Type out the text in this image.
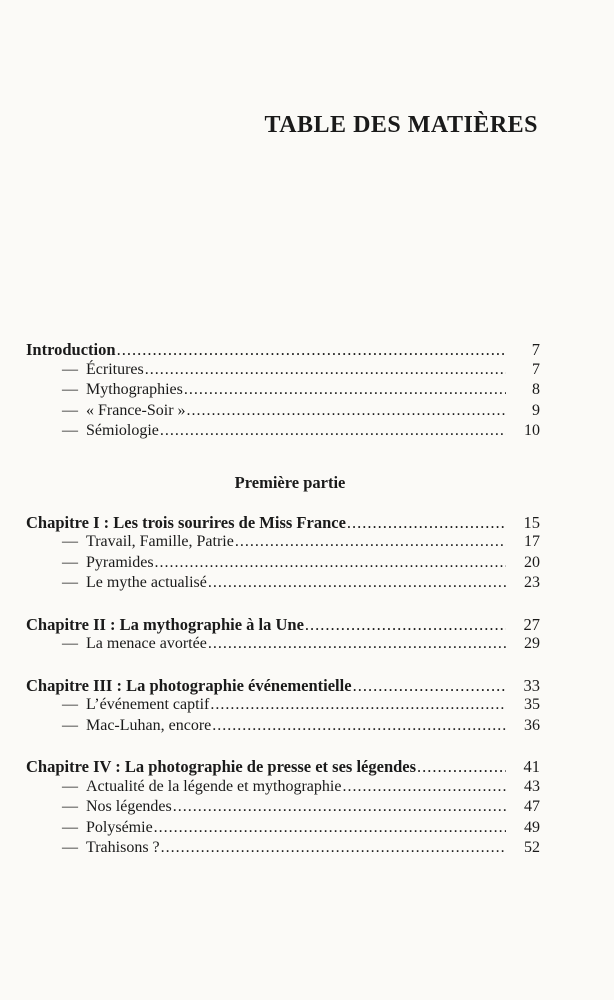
TABLE DES MATIÈRES
Introduction .....	7
— Écritures .....	7
— Mythographies .....	8
— « France-Soir » .....	9
— Sémiologie .....	10
Première partie
Chapitre I : Les trois sourires de Miss France .....	15
— Travail, Famille, Patrie .....	17
— Pyramides .....	20
— Le mythe actualisé .....	23
Chapitre II : La mythographie à la Une .....	27
— La menace avortée .....	29
Chapitre III : La photographie événementielle .....	33
— L’événement captif .....	35
— Mac-Luhan, encore .....	36
Chapitre IV : La photographie de presse et ses légendes .....	41
— Actualité de la légende et mythographie .....	43
— Nos légendes .....	47
— Polysémie .....	49
— Trahisons ? .....	52
